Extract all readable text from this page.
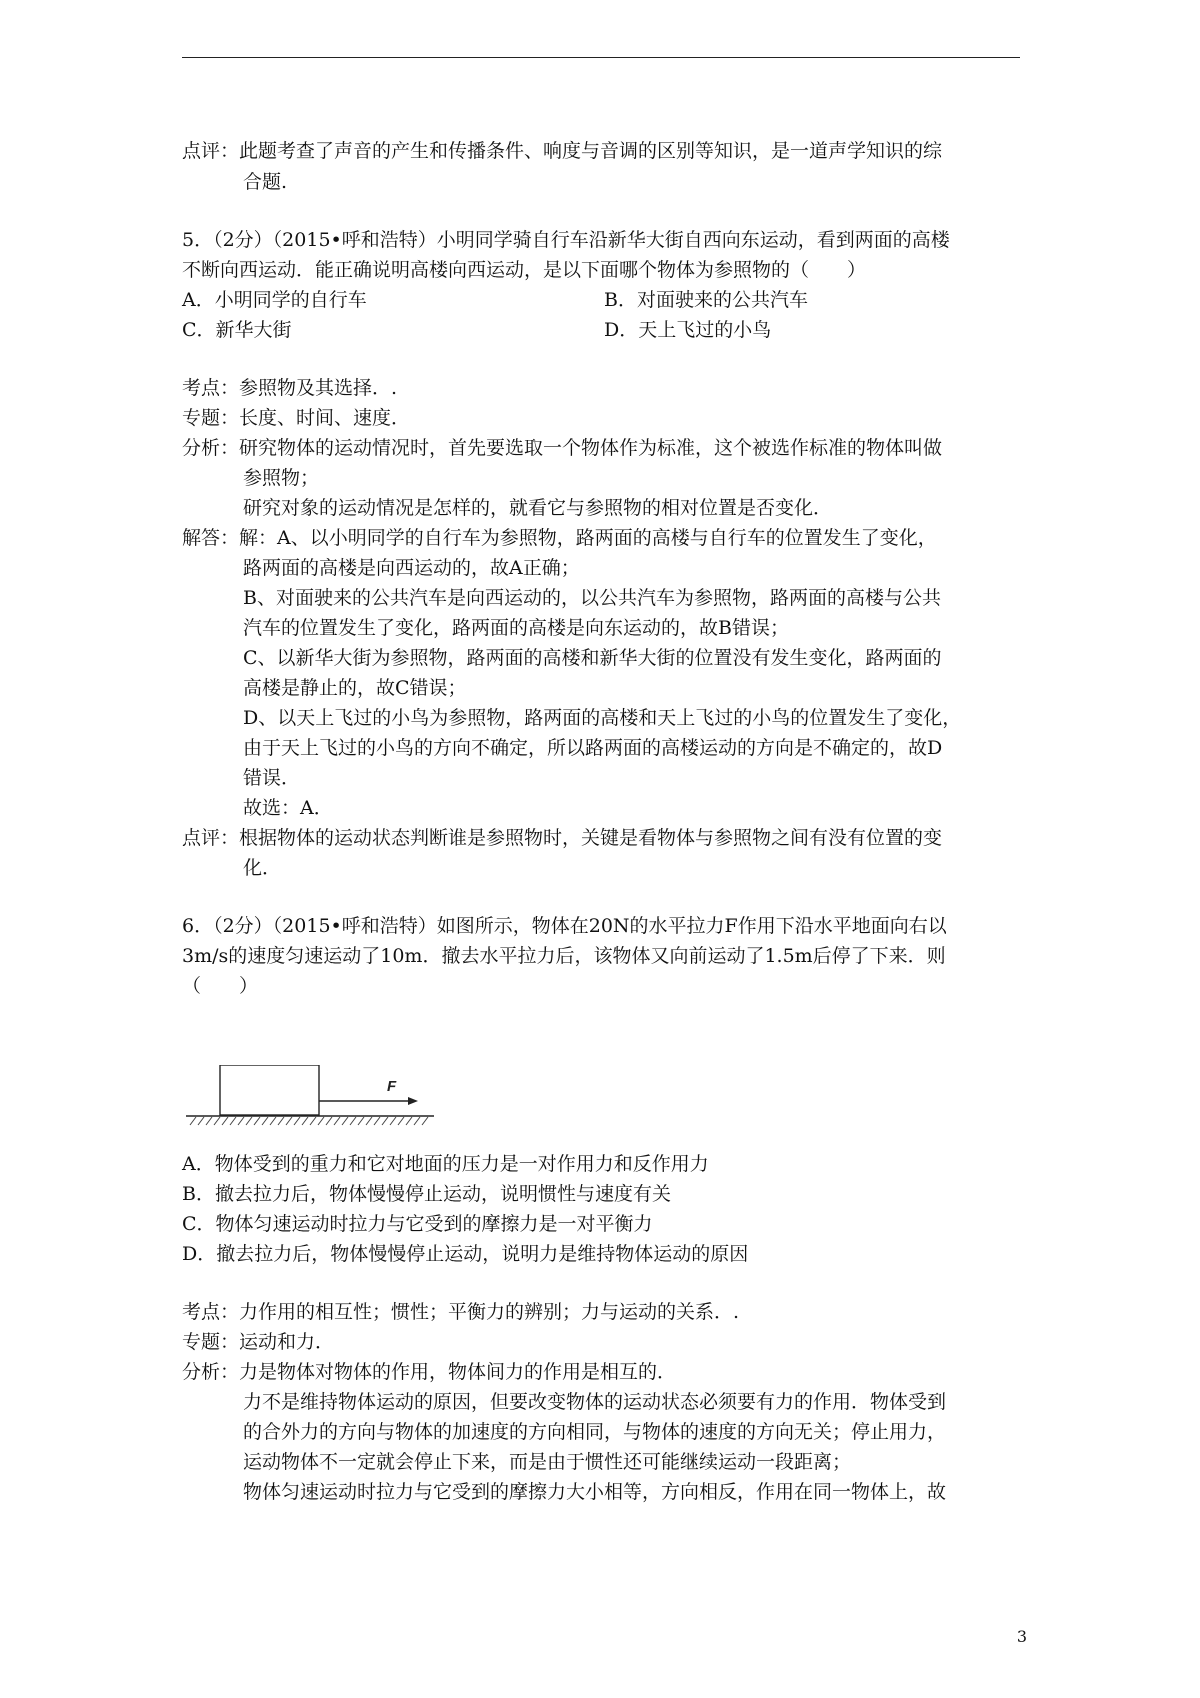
点评：此题考查了声音的产生和传播条件、响度与音调的区别等知识，是一道声学知识的综
合题.
5．（2分）（2015•呼和浩特）小明同学骑自行车沿新华大街自西向东运动，看到两面的高楼
不断向西运动．能正确说明高楼向西运动，是以下面哪个物体为参照物的（　　）
A．小明同学的自行车	B．对面驶来的公共汽车
C．新华大街	D．天上飞过的小鸟
考点：参照物及其选择．.
专题：长度、时间、速度．
分析：研究物体的运动情况时，首先要选取一个物体作为标准，这个被选作标准的物体叫做
参照物；
研究对象的运动情况是怎样的，就看它与参照物的相对位置是否变化．
解答：解：A、以小明同学的自行车为参照物，路两面的高楼与自行车的位置发生了变化，
路两面的高楼是向西运动的，故A正确；
B、对面驶来的公共汽车是向西运动的，以公共汽车为参照物，路两面的高楼与公共
汽车的位置发生了变化，路两面的高楼是向东运动的，故B错误；
C、以新华大街为参照物，路两面的高楼和新华大街的位置没有发生变化，路两面的
高楼是静止的，故C错误；
D、以天上飞过的小鸟为参照物，路两面的高楼和天上飞过的小鸟的位置发生了变化，
由于天上飞过的小鸟的方向不确定，所以路两面的高楼运动的方向是不确定的，故D
错误．
故选：A．
点评：根据物体的运动状态判断谁是参照物时，关键是看物体与参照物之间有没有位置的变
化．
6．（2分）（2015•呼和浩特）如图所示，物体在20N的水平拉力F作用下沿水平地面向右以
3m/s的速度匀速运动了10m．撤去水平拉力后，该物体又向前运动了1.5m后停了下来．则
（　　）
F
A．物体受到的重力和它对地面的压力是一对作用力和反作用力
B．撤去拉力后，物体慢慢停止运动，说明惯性与速度有关
C．物体匀速运动时拉力与它受到的摩擦力是一对平衡力
D．撤去拉力后，物体慢慢停止运动，说明力是维持物体运动的原因
考点：力作用的相互性；惯性；平衡力的辨别；力与运动的关系．.
专题：运动和力．
分析：力是物体对物体的作用，物体间力的作用是相互的．
力不是维持物体运动的原因，但要改变物体的运动状态必须要有力的作用．物体受到
的合外力的方向与物体的加速度的方向相同，与物体的速度的方向无关；停止用力，
运动物体不一定就会停止下来，而是由于惯性还可能继续运动一段距离；
物体匀速运动时拉力与它受到的摩擦力大小相等，方向相反，作用在同一物体上，故
3
